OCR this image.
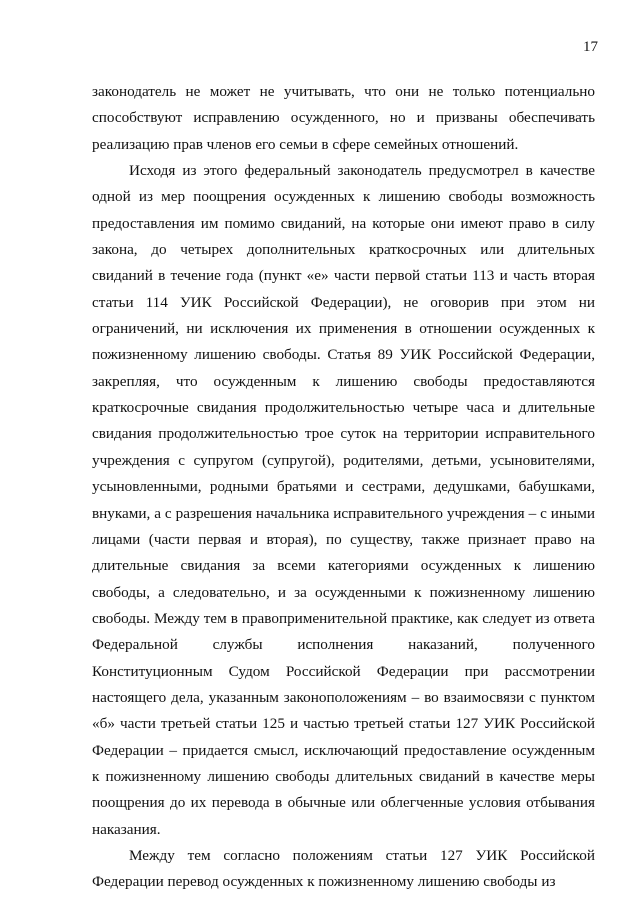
17

законодатель не может не учитывать, что они не только потенциально способствуют исправлению осужденного, но и призваны обеспечивать реализацию прав членов его семьи в сфере семейных отношений.

Исходя из этого федеральный законодатель предусмотрел в качестве одной из мер поощрения осужденных к лишению свободы возможность предоставления им помимо свиданий, на которые они имеют право в силу закона, до четырех дополнительных краткосрочных или длительных свиданий в течение года (пункт «е» части первой статьи 113 и часть вторая статьи 114 УИК Российской Федерации), не оговорив при этом ни ограничений, ни исключения их применения в отношении осужденных к пожизненному лишению свободы. Статья 89 УИК Российской Федерации, закрепляя, что осужденным к лишению свободы предоставляются краткосрочные свидания продолжительностью четыре часа и длительные свидания продолжительностью трое суток на территории исправительного учреждения с супругом (супругой), родителями, детьми, усыновителями, усыновленными, родными братьями и сестрами, дедушками, бабушками, внуками, а с разрешения начальника исправительного учреждения – с иными лицами (части первая и вторая), по существу, также признает право на длительные свидания за всеми категориями осужденных к лишению свободы, а следовательно, и за осужденными к пожизненному лишению свободы. Между тем в правоприменительной практике, как следует из ответа Федеральной службы исполнения наказаний, полученного Конституционным Судом Российской Федерации при рассмотрении настоящего дела, указанным законоположениям – во взаимосвязи с пунктом «б» части третьей статьи 125 и частью третьей статьи 127 УИК Российской Федерации – придается смысл, исключающий предоставление осужденным к пожизненному лишению свободы длительных свиданий в качестве меры поощрения до их перевода в обычные или облегченные условия отбывания наказания.

Между тем согласно положениям статьи 127 УИК Российской Федерации перевод осужденных к пожизненному лишению свободы из
